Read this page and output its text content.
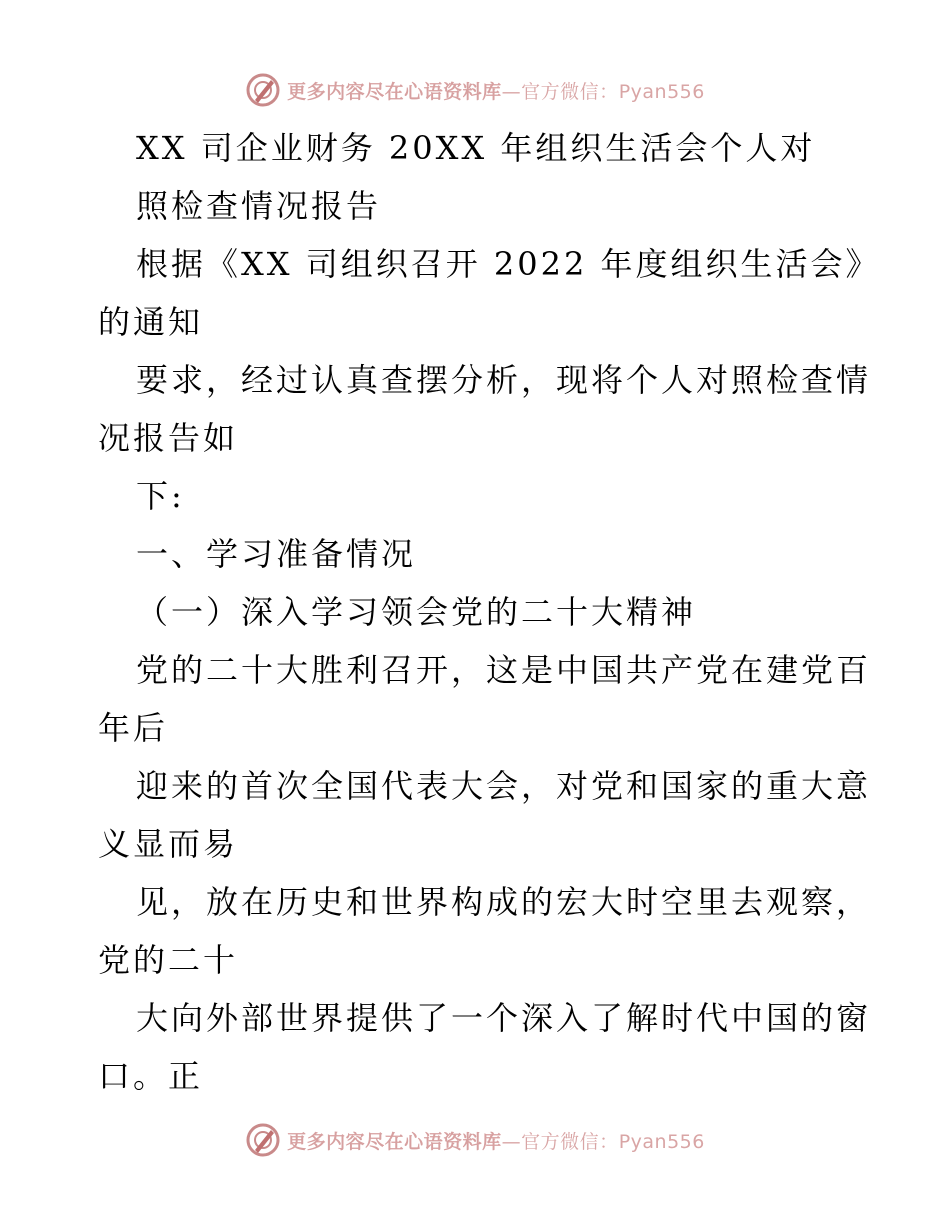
更多内容尽在心语资料库—官方微信：Pyan556
XX 司企业财务 20XX 年组织生活会个人对
照检查情况报告
根据《XX 司组织召开 2022 年度组织生活会》
的通知
要求，经过认真查摆分析，现将个人对照检查情
况报告如
下:
一、学习准备情况
（一）深入学习领会党的二十大精神
党的二十大胜利召开，这是中国共产党在建党百
年后
迎来的首次全国代表大会，对党和国家的重大意
义显而易
见，放在历史和世界构成的宏大时空里去观察，
党的二十
大向外部世界提供了一个深入了解时代中国的窗
口。正
更多内容尽在心语资料库—官方微信：Pyan556
